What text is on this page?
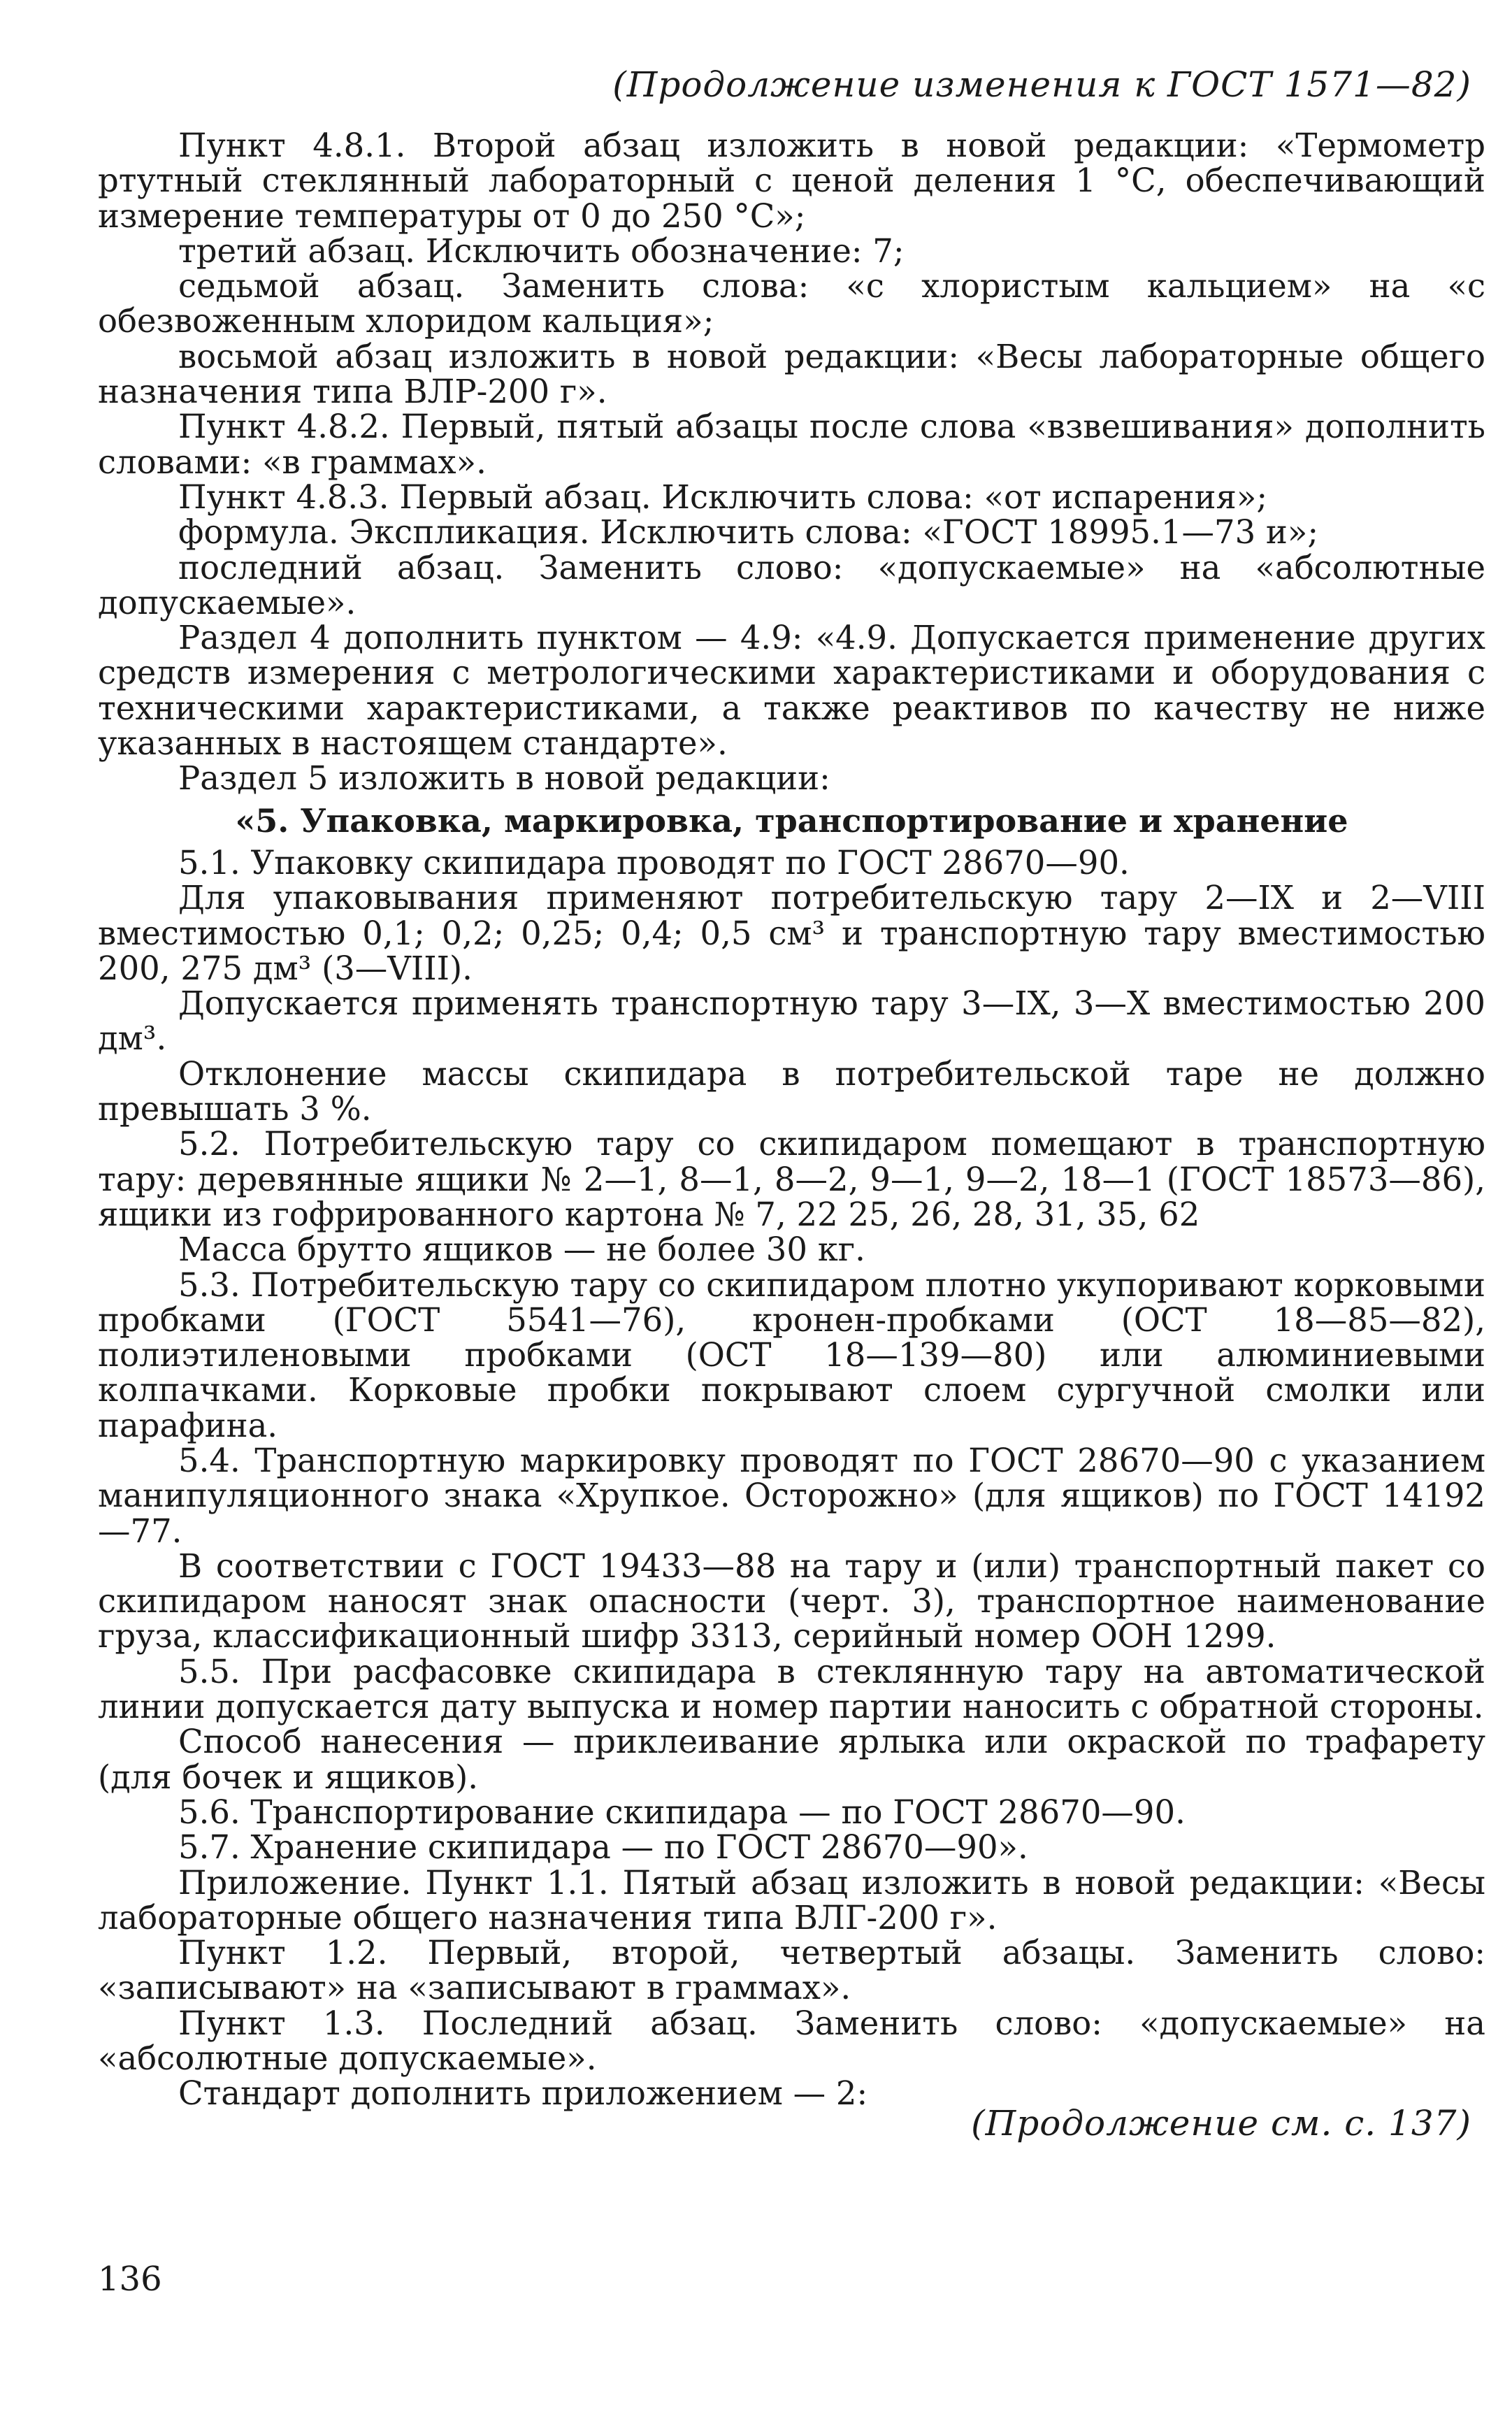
(Продолжение изменения к ГОСТ 1571—82)

Пункт 4.8.1. Второй абзац изложить в новой редакции: «Термометр ртутный стеклянный лабораторный с ценой деления 1 °С, обеспечивающий измерение температуры от 0 до 250 °С»;

третий абзац. Исключить обозначение: 7;

седьмой абзац. Заменить слова: «с хлористым кальцием» на «с обезвоженным хлоридом кальция»;

восьмой абзац изложить в новой редакции: «Весы лабораторные общего назначения типа ВЛР-200 г».

Пункт 4.8.2. Первый, пятый абзацы после слова «взвешивания» дополнить словами: «в граммах».

Пункт 4.8.3. Первый абзац. Исключить слова: «от испарения»;

формула. Экспликация. Исключить слова: «ГОСТ 18995.1—73 и»;

последний абзац. Заменить слово: «допускаемые» на «абсолютные допускаемые».

Раздел 4 дополнить пунктом — 4.9: «4.9. Допускается применение других средств измерения с метрологическими характеристиками и оборудования с техническими характеристиками, а также реактивов по качеству не ниже указанных в настоящем стандарте».

Раздел 5 изложить в новой редакции:

«5. Упаковка, маркировка, транспортирование и хранение

5.1. Упаковку скипидара проводят по ГОСТ 28670—90.

Для упаковывания применяют потребительскую тару 2—IX и 2—VIII вместимостью 0,1; 0,2; 0,25; 0,4; 0,5 см³ и транспортную тару вместимостью 200, 275 дм³ (3—VIII).

Допускается применять транспортную тару 3—IX, 3—X вместимостью 200 дм³.

Отклонение массы скипидара в потребительской таре не должно превышать 3 %.

5.2. Потребительскую тару со скипидаром помещают в транспортную тару: деревянные ящики № 2—1, 8—1, 8—2, 9—1, 9—2, 18—1 (ГОСТ 18573—86), ящики из гофрированного картона № 7, 22 25, 26, 28, 31, 35, 62

Масса брутто ящиков — не более 30 кг.

5.3. Потребительскую тару со скипидаром плотно укупоривают корковыми пробками (ГОСТ 5541—76), кронен-пробками (ОСТ 18—85—82), полиэтиленовыми пробками (ОСТ 18—139—80) или алюминиевыми колпачками. Корковые пробки покрывают слоем сургучной смолки или парафина.

5.4. Транспортную маркировку проводят по ГОСТ 28670—90 с указанием манипуляционного знака «Хрупкое. Осторожно» (для ящиков) по ГОСТ 14192—77.

В соответствии с ГОСТ 19433—88 на тару и (или) транспортный пакет со скипидаром наносят знак опасности (черт. 3), транспортное наименование груза, классификационный шифр 3313, серийный номер ООН 1299.

5.5. При расфасовке скипидара в стеклянную тару на автоматической линии допускается дату выпуска и номер партии наносить с обратной стороны.

Способ нанесения — приклеивание ярлыка или окраской по трафарету (для бочек и ящиков).

5.6. Транспортирование скипидара — по ГОСТ 28670—90.

5.7. Хранение скипидара — по ГОСТ 28670—90».

Приложение. Пункт 1.1. Пятый абзац изложить в новой редакции: «Весы лабораторные общего назначения типа ВЛГ-200 г».

Пункт 1.2. Первый, второй, четвертый абзацы. Заменить слово: «записывают» на «записывают в граммах».

Пункт 1.3. Последний абзац. Заменить слово: «допускаемые» на «абсолютные допускаемые».

Стандарт дополнить приложением — 2:

(Продолжение см. с. 137)

136
